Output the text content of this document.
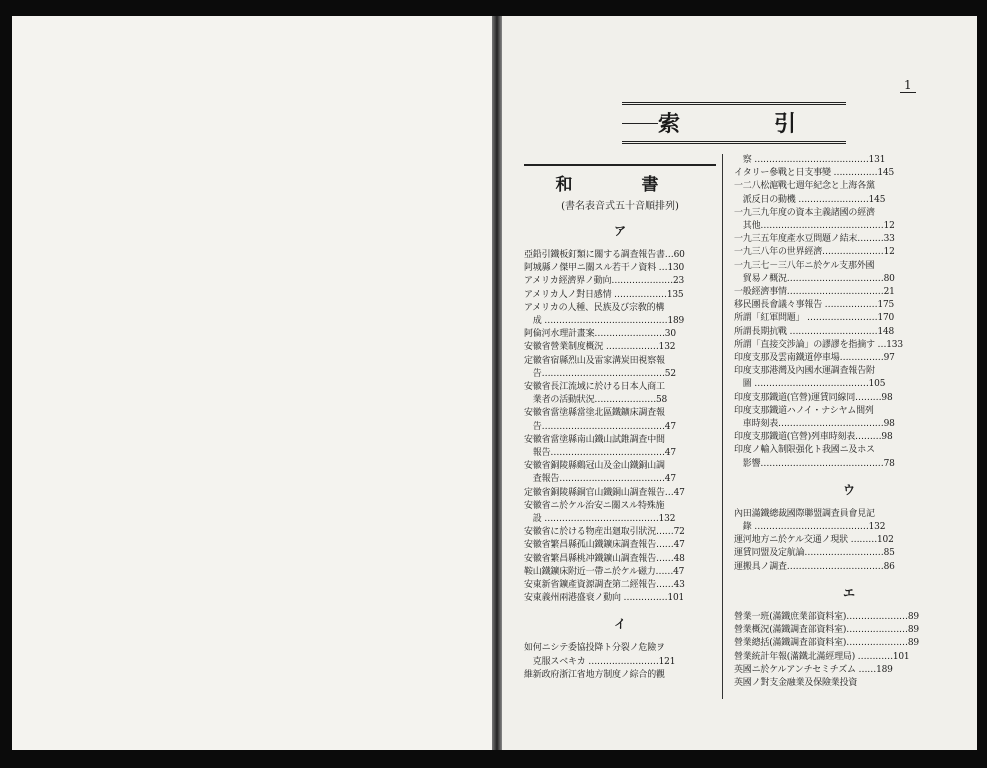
1
索	引
和　書
(書名表音式五十音順排列)
ア
亞鉛引鐵板釘類に關する調査報告書…60
阿城縣ノ傑甲ニ關スル若干ノ資料 …130
アメリカ經濟界ノ動向…………………23
アメリカ人ノ對日感情 ………………135
アメリカの人種、民族及び宗敎的構
　成 ……………………………………189
阿倫河水理計畫案……………………30
安徽省營業制度概況 ………………132
定徽省宿縣烈山及雷家溝炭田視察報
　告……………………………………52
安徽省長江流域に於ける日本人商工
　業者の活動狀況…………………58
安徽省當塗縣當塗北區鐵鑛床調査報
　告……………………………………47
安徽省當塗縣南山鐵山試錐調査中間
　報告…………………………………47
安徽省銅陵縣鷄冠山及金山鐵銅山調
　査報告………………………………47
定徽省銅陵縣銅官山鐵銅山調査報告…47
安徽省ニ於ケル治安ニ關スル特殊施
　設 …………………………………132
安徽省に於ける物産出廻取引狀況……72
安徽省繁昌縣孤山鐵鑛床調査報告……47
安徽省繁昌縣桃冲鐵鑛山調査報告……48
鞍山鐵鑛床附近一帶ニ於ケル磁力……47
安東新省鑛產資源調査第二經報告……43
安東義州兩港盛衰ノ動向 ……………101
イ
如何ニシテ委協投降ト分裂ノ危險ヲ
　克服スベキカ ……………………121
維新政府浙江省地方制度ノ綜合的觀
　察 …………………………………131
イタリー參戰と日支事變 ……………145
一二八松滬戰七週年紀念と上海各黨
　派反日の動機 ……………………145
一九三九年度の資本主義諸國の經濟
　其他……………………………………12
一九三五年度產水豆問題ノ結末………33
一九三八年の世界經濟…………………12
一九三七－三八年ニ於ケル支那外國
　貿易ノ概況……………………………80
一般經濟事情……………………………21
移民團長會議々事報告 ………………175
所謂「紅軍問題」 ……………………170
所謂長期抗戰 …………………………148
所謂「直接交涉論」の謬謬を指摘す …133
印度支那及雲南鐵道停車場……………97
印度支那港灣及內國水運調査報告附
　圖 …………………………………105
印度支那鐵道(官營)運賃同線同………98
印度支那鐵道ハノイ・ナシヤム間列
　車時刻表………………………………98
印度支那鐵道(官營)列車時刻表………98
印度ノ輸入制限强化ト我國ニ及ホス
　影響……………………………………78
ウ
內田滿鐵總裁國際聯盟調査員會見記
　錄 …………………………………132
運河地方ニ於ケル交通ノ現狀 ………102
運賃同盟及定航論………………………85
運搬具ノ調査……………………………86
エ
營業一班(滿鐵庶業部資料室)…………………89
營業概況(滿鐵調査部資料室)…………………89
營業總括(滿鐵調査部資料室)…………………89
營業統計年報(滿鐵北滿經理局) …………101
英國ニ於ケルアンチセミチズム ……189
英國ノ對支金融業及保險業投資
